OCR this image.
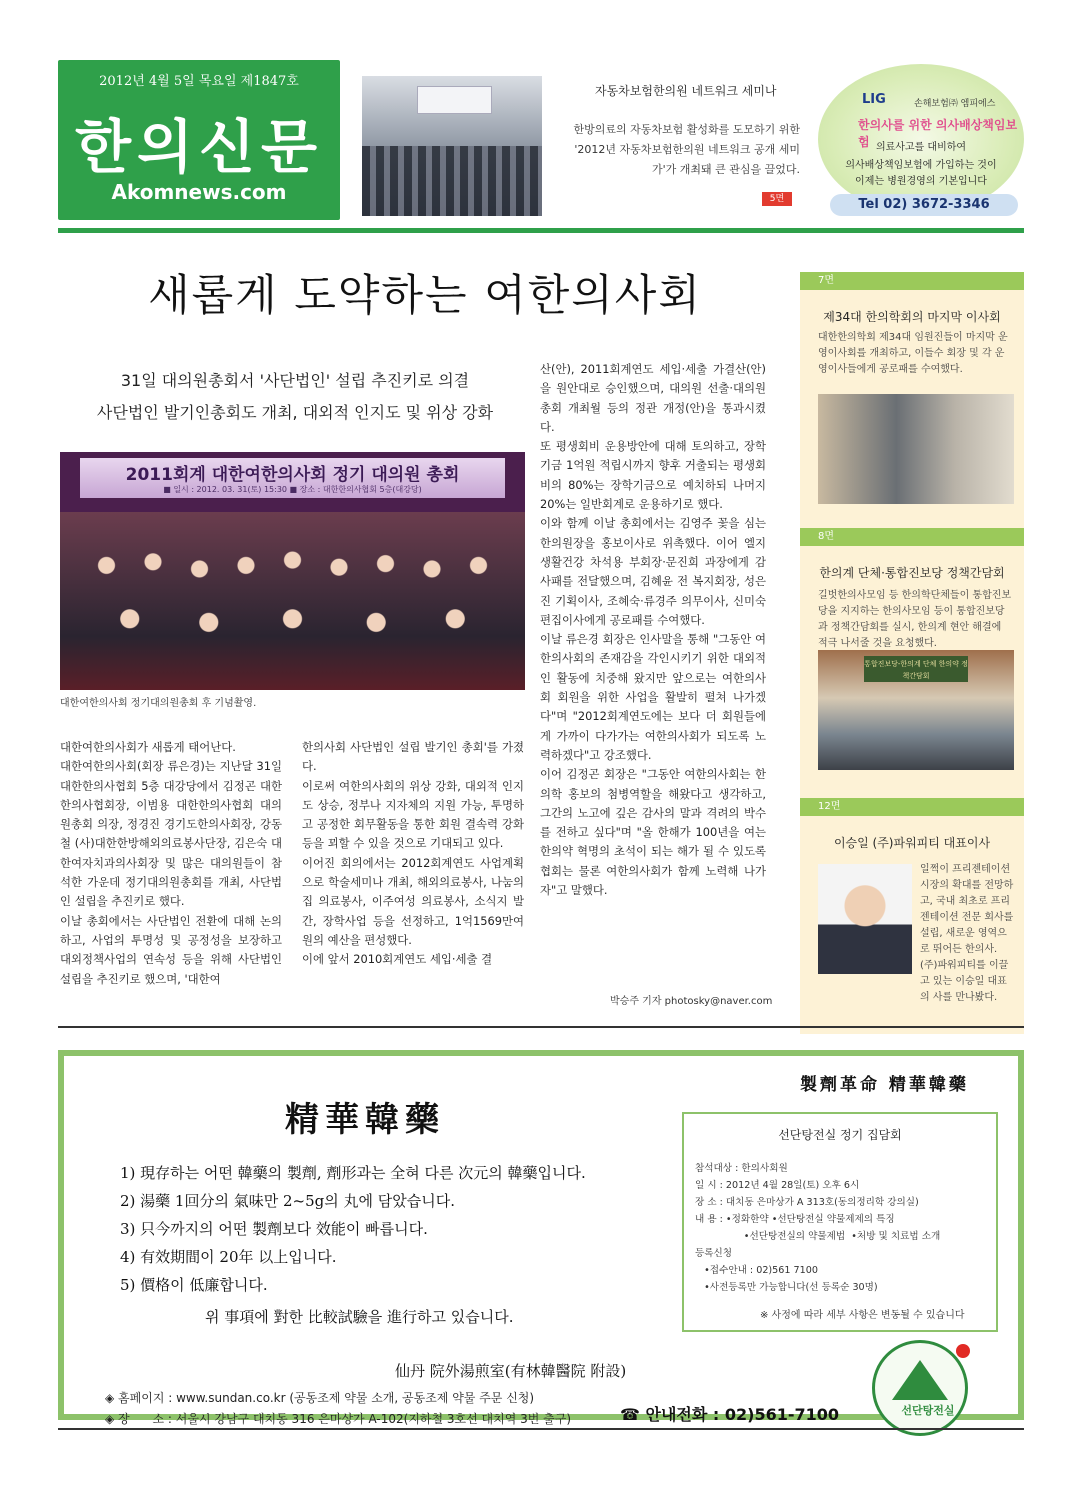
2012년 4월 5일 목요일 제1847호
한의신문
Akomnews.com
자동차보험한의원 네트워크 세미나
한방의료의 자동차보험 활성화를 도모하기 위한 '2012년 자동차보험한의원 네트워크 공개 세미가'가 개최돼 큰 관심을 끌었다.
5면
LIG	손해보험㈜ 엠피에스
한의사를 위한 의사배상책임보험 의료사고를 대비하여
의사배상책임보험에 가입하는 것이
이제는 병원경영의 기본입니다
Tel 02) 3672-3346
새롭게 도약하는 여한의사회
31일 대의원총회서 '사단법인' 설립 추진키로 의결
사단법인 발기인총회도 개최, 대외적 인지도 및 위상 강화
2011회계 대한여한의사회 정기 대의원 총회
■ 일시 : 2012. 03. 31(토) 15:30 ■ 장소 : 대한한의사협회 5층(대강당)
대한여한의사회 정기대의원총회 후 기념촬영.
산(안), 2011회계연도 세입·세출 가결산(안)을 원안대로 승인했으며, 대의원 선출·대의원 총회 개최월 등의 정관 개정(안)을 통과시켰다.
또 평생회비 운용방안에 대해 토의하고, 장학기금 1억원 적립시까지 향후 거출되는 평생회비의 80%는 장학기금으로 예치하되 나머지 20%는 일반회계로 운용하기로 했다.
이와 함께 이날 총회에서는 김영주 꽃을 심는한의원장을 홍보이사로 위촉했다. 이어 엘지생활건강 차석용 부회장·문진희 과장에게 감사패를 전달했으며, 김혜윤 전 복지회장, 성은진 기획이사, 조혜숙·류경주 의무이사, 신미숙 편집이사에게 공로패를 수여했다.
이날 류은경 회장은 인사말을 통해 "그동안 여한의사회의 존재감을 각인시키기 위한 대외적인 활동에 치중해 왔지만 앞으로는 여한의사회 회원을 위한 사업을 활발히 펼쳐 나가겠다"며 "2012회계연도에는 보다 더 회원들에게 가까이 다가가는 여한의사회가 되도록 노력하겠다"고 강조했다.
이어 김정곤 회장은 "그동안 여한의사회는 한의학 홍보의 첨병역할을 해왔다고 생각하고, 그간의 노고에 깊은 감사의 말과 격려의 박수를 전하고 싶다"며 "올 한해가 100년을 여는 한의약 혁명의 초석이 되는 해가 될 수 있도록 협회는 물론 여한의사회가 함께 노력해 나가자"고 말했다.
대한여한의사회가 새롭게 태어난다.
대한여한의사회(회장 류은경)는 지난달 31일 대한한의사협회 5층 대강당에서 김정곤 대한한의사협회장, 이범용 대한한의사협회 대의원총회 의장, 정경진 경기도한의사회장, 강동철 (사)대한한방해외의료봉사단장, 김은숙 대한여자치과의사회장 및 많은 대의원들이 참석한 가운데 정기대의원총회를 개최, 사단법인 설립을 추진키로 했다.
이날 총회에서는 사단법인 전환에 대해 논의하고, 사업의 투명성 및 공정성을 보장하고 대외정책사업의 연속성 등을 위해 사단법인 설립을 추진키로 했으며, '대한여
한의사회 사단법인 설립 발기인 총회'를 가졌다.
이로써 여한의사회의 위상 강화, 대외적 인지도 상승, 정부나 지자체의 지원 가능, 투명하고 공정한 회무활동을 통한 회원 결속력 강화 등을 꾀할 수 있을 것으로 기대되고 있다.
이어진 회의에서는 2012회계연도 사업계획으로 학술세미나 개최, 해외의료봉사, 나눔의 집 의료봉사, 이주여성 의료봉사, 소식지 발간, 장학사업 등을 선정하고, 1억1569만여원의 예산을 편성했다.
이에 앞서 2010회계연도 세입·세출 결
박승주 기자 photosky@naver.com
7면
제34대 한의학회의 마지막 이사회
대한한의학회 제34대 임원진들이 마지막 운영이사회를 개최하고, 이들수 회장 및 각 운영이사들에게 공로패를 수여했다.
8면
한의계 단체·통합진보당 정책간담회
길벗한의사모임 등 한의학단체들이 통합진보당을 지지하는 한의사모임 등이 통합진보당과 정책간담회를 실시, 한의계 현안 해결에 적극 나서줄 것을 요청했다.
통합진보당-한의계 단체 한의약 정책간담회
12면
이승일 (주)파워피티 대표이사
일쩍이 프리젠테이션 시장의 확대를 전망하고, 국내 최초로 프리젠테이션 전문 회사를 설립, 새로운 영역으로 뛰어든 한의사. (주)파워피티를 이끌고 있는 이승일 대표의 사를 만나봤다.
製劑革命 精華韓藥
精華韓藥
1) 現存하는 어떤 韓藥의 製劑, 劑形과는 全혀 다른 次元의 韓藥입니다.
2) 湯藥 1回分의 氣味만 2~5g의 丸에 담았습니다.
3) 只今까지의 어떤 製劑보다 效能이 빠릅니다.
4) 有效期間이 20年 以上입니다.
5) 價格이 低廉합니다.
위 事項에 對한 比較試驗을 進行하고 있습니다.
선단탕전실 정기 집담회
참석대상 : 한의사회원
일 시 : 2012년 4월 28일(토) 오후 6시
장 소 : 대치동 은마상가 A 313호(동의정리학 강의실)
내 용 : •정화한약 •선단탕전실 약물제제의 특징
•선단탕전실의 약물제법  •처방 및 치료법 소개
등록신청
•접수안내 : 02)561 7100
•사전등록만 가능합니다(선 등록순 30명)
※ 사정에 따라 세부 사항은 변동될 수 있습니다
仙丹 院外湯煎室(有林韓醫院 附設)
◈ 홈페이지 : www.sundan.co.kr (공동조제 약물 소개, 공동조제 약물 주문 신청)
◈ 장      소 : 서울시 강남구 대치동 316 은마상가 A-102(지하철 3호선 대치역 3번 출구)	☎ 안내전화 : 02)561-7100	선단탕전실
